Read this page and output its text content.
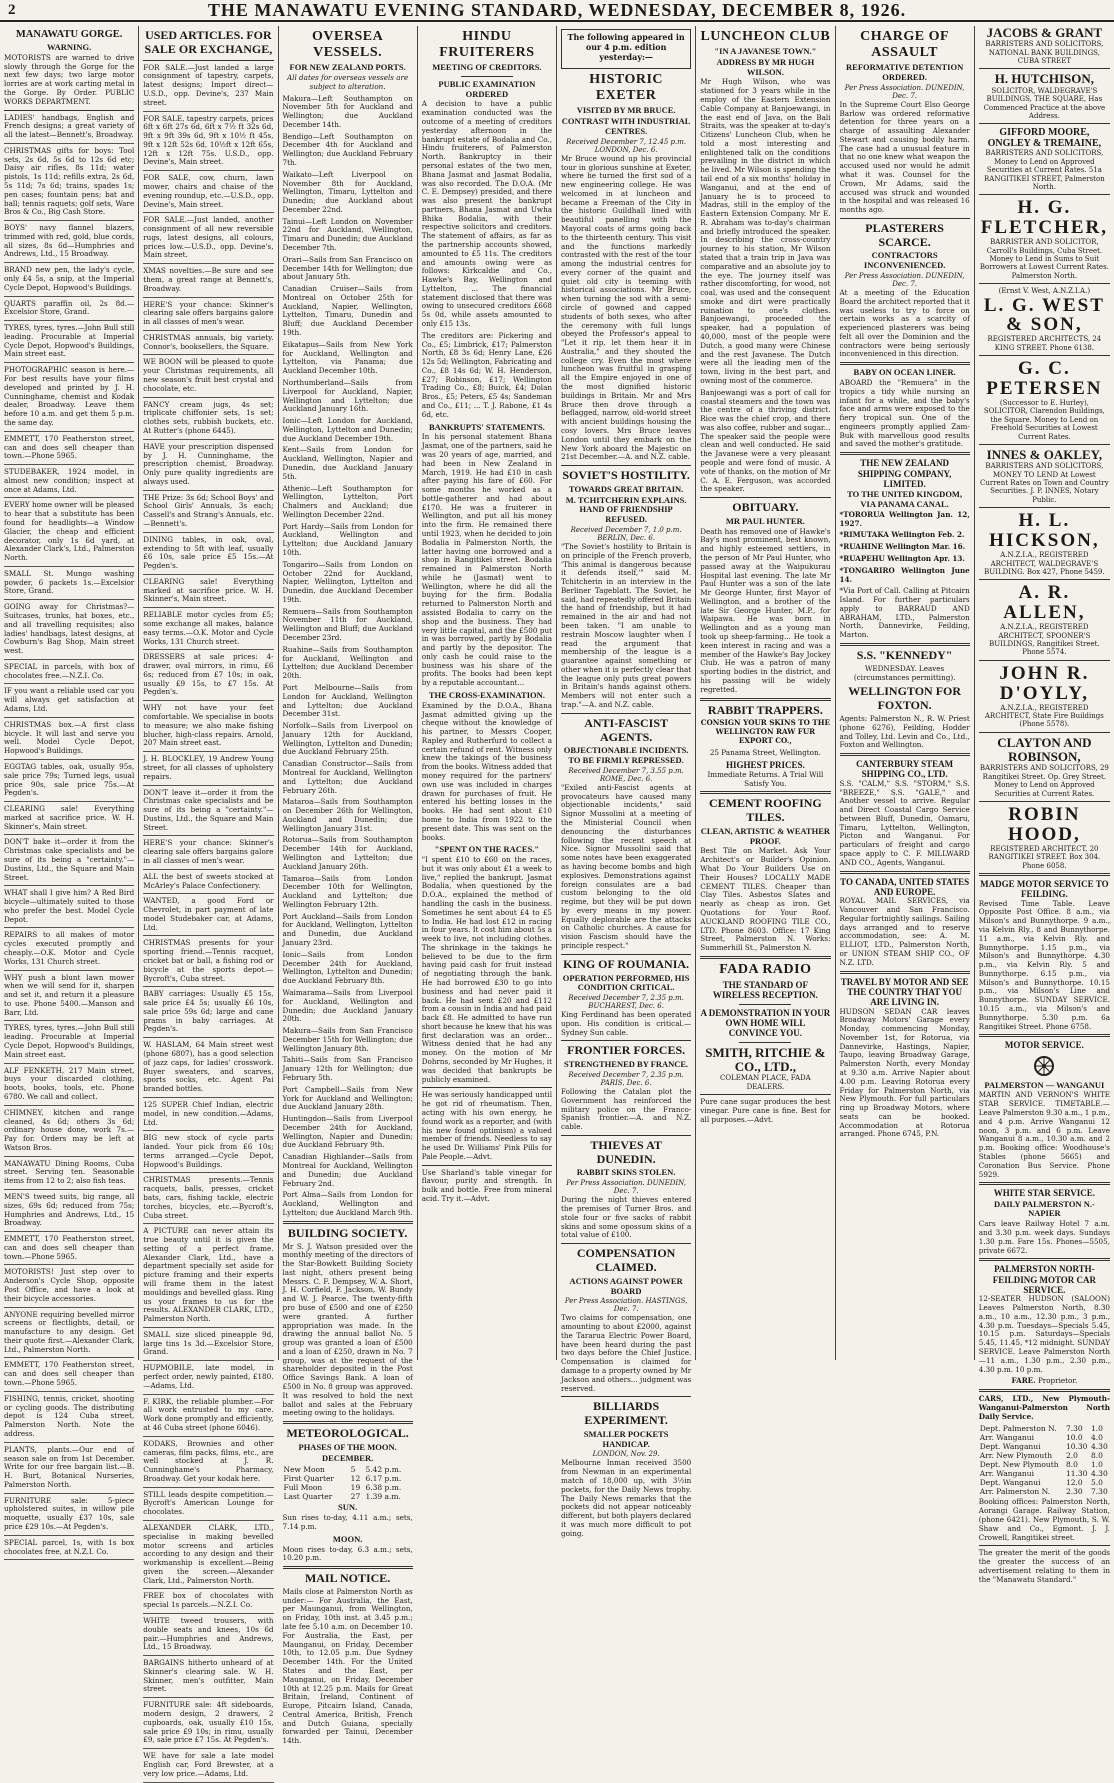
2	THE MANAWATU EVENING STANDARD, WEDNESDAY, DECEMBER 8, 1926.
MANAWATU GORGE.
WARNING.

MOTORISTS are warned to drive slowly through the Gorge for the next few days; two large motor lorries are at work carting metal in the Gorge. By Order. PUBLIC WORKS DEPARTMENT.

LADIES' handbags, English and French designs; a great variety of all the latest—Bennett's, Broadway.
CHRISTMAS gifts for boys: Tool sets, 2s 6d, 5s 6d to 12s 6d etc; Daisy air rifles, 8s 11d; water pistols, 1s 11d; refills extra, 2s 6d, 5s 11d; 7s 6d; trains, spades 1s; pen cases; fountain pens; bat and ball; tennis raquets; golf sets, Ware Bros & Co., Big Cash Store.
BOYS' navy flannel blazers, trimmed with red, gold, blue cords, all sizes, 8s 6d—Humphries and Andrews, Ltd., 15 Broadway.
BRAND new pen, the lady's cycle, only £4 5s, a snip, at the Imperial Cycle Depot, Hopwood's Buildings.
QUARTS paraffin oil, 2s 8d.—Excelsior Store, Grand.
TYRES, tyres, tyres.—John Bull still leading. Procurable at Imperial Cycle Depot, Hopwood's Buildings, Main street east.
PHOTOGRAPHIC season is here.—For best results have your films developed and printed by J. H. Cunninghame, chemist and Kodak dealer, Broadway. Leave them before 10 a.m. and get them 5 p.m. the same day.
EMMETT, 170 Featherston street, can and does sell cheaper than town.—Phone 5965.
STUDEBAKER, 1924 model, in almost new condition; inspect at once at Adams, Ltd.
EVERY home owner will be pleased to hear that a substitute has been found for headlights—a Window Glacier, the cheap and efficient decorator, only 1s 6d yard, at Alexander Clark's, Ltd., Palmerston North.
SMALL St. Mungo washing powder, 6 packets 1s.—Excelsior Store, Grand.
GOING away for Christmas?—Suitcases, trunks, hat boxes, etc., and all travelling requisites; also ladies' handbags, latest designs, at Cowburn's Bag Shop, Main street west.
SPECIAL in parcels, with box of chocolates free.—N.Z.I. Co.
IF you want a reliable used car you will always get satisfaction at Adams, Ltd.
CHRISTMAS box.—A first class bicycle. It will last and serve you well. Model Cycle Depot, Hopwood's Buildings.
EGGTAG tables, oak, usually 95s, sale price 79s; Turned legs, usual price 90s, sale price 75s.—At Pegden's.
CLEARING sale! Everything marked at sacrifice price. W. H. Skinner's, Main street.
DON'T bake it—order it from the Christmas cake specialists and be sure of its being a "certainty."—Dustins, Ltd., the Square and Main Street.
WHAT shall I give him? A Red Bird bicycle—ultimately suited to those who prefer the best. Model Cycle Depot.
REPAIRS to all makes of motor cycles executed promptly and cheaply.—O.K. Motor and Cycle Works, 131 Church street.
WHY push a blunt lawn mower when we will send for it, sharpen and set it, and return it a pleasure to use. Phone 5400.—Manson and Barr, Ltd.
TYRES, tyres, tyres.—John Bull still leading. Procurable at Imperial Cycle Depot, Hopwood's Buildings, Main street east.
ALF FENKETH, 217 Main street, buys your discarded clothing, boots, books, tools, etc. Phone 6780. We call and collect.
CHIMNEY, kitchen and range cleaned, 4s 6d; others 3s 6d; ordinary house done, work 7s.—Pay for. Orders may be left at Watson Bros.
MANAWATU Dining Rooms, Cuba street. Serving ten. Seasonable items from 12 to 2; also fish teas.
MEN'S tweed suits, big range, all sizes, 69s 6d; reduced from 75s; Humphries and Andrews, Ltd., 15 Broadway.
EMMETT, 170 Featherston street, can and does sell cheaper than town.—Phone 5965.
MOTORISTS! Just step over to Anderson's Cycle Shop, opposite Post Office, and have a look at their bicycle accessories.
ANYONE requiring bevelled mirror screens or flectlights, detail, or manufacture to any design. Get their quote first.—Alexander Clark, Ltd., Palmerston North.
EMMETT, 170 Featherston street, can and does sell cheaper than town.—Phone 5965.
FISHING, tennis, cricket, shooting or cycling goods. The distributing depot is 124 Cuba street, Palmerston North. Note the address.
PLANTS, plants.—Our end of season sale on from 1st December. Write for our free bargain list.—B. H. Burt, Botanical Nurseries, Palmerston North.
FURNITURE sale: 5-piece upholstered suites, in willow pile moquette, usually £37 10s, sale price £29 10s.—At Pegden's.
SPECIAL parcel, 1s, with 1s box chocolates free, at N.Z.I. Co.
USED ARTICLES. FOR SALE OR EXCHANGE,
FOR SALE.—Just landed a large consignment of tapestry, carpets, latest designs; Import direct—U.S.D., opp. Devine's, 237 Main street.
FOR SALE, tapestry carpets, prices 6ft x 6ft 27s 6d, 6ft x 7½ ft 32s 6d, 9ft x 9ft 39s 6d, 9ft x 10½ ft 45s, 9ft x 12ft 52s 6d, 10½ft x 12ft 65s, 12ft x 12ft 75s. U.S.D., opp. Devine's, Main street.
FOR SALE, cow, churn, lawn mower, chairs and chaise of the evening roundup, etc.—U.S.D., opp. Devine's, Main street.
FOR SALE.—Just landed, another consignment of all new reversible rugs, latest designs, all colours, prices low.—U.S.D., opp. Devine's, Main street.
XMAS novelties.—Be sure and see them, a great range at Bennett's, Broadway.
HERE'S your chance: Skinner's clearing sale offers bargains galore in all classes of men's wear.
CHRISTMAS annuals, big variety. Connor's, booksellers, the Square.
WE BOON will be pleased to quote your Christmas requirements, all new season's fruit best crystal and chocolate, etc.
FANCY cream jugs, 4s set; triplicate chiffonier sets, 1s set; clothes sets, rubbish buckets, etc. At Rutter's (phone 6445).
HAVE your prescription dispensed by J. H. Cunninghame, the prescription chemist, Broadway. Only pure quality ingredients are always used.
THE Prize: 3s 6d; School Boys' and School Girls' Annuals, 3s each; Cassell's and Strang's Annuals, etc.—Bennett's.
DINING tables, in oak, oval, extending to 5ft with leaf, usually £6 10s, sale price £5 15s.—At Pegden's.
CLEARING sale! Everything marked at sacrifice price. W. H. Skinner's, Main street.
RELIABLE motor cycles from £5; some exchange all makes, balance easy terms.—O.K. Motor and Cycle Works, 131 Church street.
DRESSERS at sale prices: 4-drawer, oval mirrors, in rimu, £6 6s; reduced from £7 10s; in oak, usually £9 15s, to £7 15s. At Pegden's.
WHY not have your feet comfortable. We specialise in boots to measure; we also make fishing blucher, high-class repairs. Arnold, 207 Main street east.
J. H. BLOCKLEY, 19 Andrew Young street, for all classes of upholstery repairs.
DON'T leave it—order it from the Christmas cake specialists and be sure of its being a "certainty."—Dustins, Ltd., the Square and Main Street.
HERE'S your chance: Skinner's clearing sale offers bargains galore in all classes of men's wear.
ALL the best of sweets stocked at McArley's Palace Confectionery.
WANTED, a good Ford or Chevrolet, in part payment of late model Studebaker car, at Adams, Ltd.
CHRISTMAS presents for your sporting friend.—Tennis racquet, cricket bat or ball, a fishing rod or bicycle at the sports depot.—Bycroft's, Cuba street.
BABY carriages: Usually £5 15s, sale price £4 5s; usually £6 10s, sale price 59s 6d; large and cane prams in baby carriages. At Pegden's.
W. HASLAM, 64 Main street west (phone 6807), has a good selection of jazz caps, for ladies' crosswork. Buyer sweaters, and scarves, sports socks, etc. Agent Pai branded bottles.
125 SUPER Chief Indian, electric model, in new condition.—Adams, Ltd.
BIG new stock of cycle parts landed. Your pick from £6 10s; terms arranged.—Cycle Depot, Hopwood's Buildings.
CHRISTMAS presents.—Tennis racquets, balls, presses, cricket bats, cars, fishing tackle, electric torches, bicycles, etc.—Bycroft's, Cuba street.
A PICTURE can never attain its true beauty until it is given the setting of a perfect frame. Alexander Clark, Ltd., have a department specially set aside for picture framing and their experts will frame them in the latest mouldings and bevelled glass. Ring us your frames to us for the results. ALEXANDER CLARK, LTD., Palmerston North.
SMALL size sliced pineapple 9d, large tins 1s 3d.—Excelsior Store, Grand.
HUPMOBILE, late model, in perfect order, newly painted, £180.—Adams, Ltd.
F. KIRK, the reliable plumber.—For all work entrusted to my care. Work done promptly and efficiently, at 46 Cuba street (phone 6046).
KODAKS, Brownies and other cameras, film packs, films, etc., are well stocked at J. R. Cunninghame's Pharmacy, Broadway. Get your kodak here.
STILL leads despite competition.—Bycroft's American Lounge for chocolates.
ALEXANDER CLARK, LTD., specialise in making bevelled motor screens and articles according to any design and their workmanship is excellent.—Being given the screen.—Alexander Clark, Ltd., Palmerston North.
FREE box of chocolates with special 1s parcels.—N.Z.I. Co.
WHITE tweed trousers, with double seats and knees, 10s 6d pair.—Humphries and Andrews, Ltd., 15 Broadway.
BARGAINS hitherto unheard of at Skinner's clearing sale. W. H. Skinner, men's outfitter, Main street.
FURNITURE sale: 4ft sideboards, modern design, 2 drawers, 2 cupboards, oak, usually £10 15s, sale price £9 10s; in rimu, usually £9, sale price £7 15s. At Pegden's.
WE have for sale a late model English car, Ford Brewster, at a very low price.—Adams, Ltd.
OVERSEA VESSELS.
FOR NEW ZEALAND PORTS.

All dates for overseas vessels are subject to alteration.

Makura—Left Southampton on November 5th for Auckland and Wellington; due Auckland December 14th.

Bendigo—Left Southampton on December 4th for Auckland and Wellington; due Auckland February 7th.

Waikato—Left Liverpool on November 8th for Auckland, Wellington, Timaru, Lyttelton and Dunedin; due Auckland about December 22nd.

Tainui—Left London on November 22nd for Auckland, Wellington, Timaru and Dunedin; due Auckland December 7th.

Orari—Sails from San Francisco on December 14th for Wellington; due about January 5th.

Canadian Cruiser—Sails from Montreal on October 25th for Auckland, Napier, Wellington, Lyttelton, Timaru, Dunedin and Bluff; due Auckland December 19th.

Eikatapus—Sails from New York for Auckland, Wellington and Lyttelton, via Panama; due Auckland December 10th.

Northumberland—Sails from Liverpool for Auckland, Napier, Wellington and Lyttelton; due Auckland January 16th.

Ionic—Left London for Auckland, Wellington, Lyttelton and Dunedin; due Auckland December 19th.

Kent—Sails from London for Auckland, Wellington, Napier and Dunedin, due Auckland January 5th.

Athenic—Left Southampton for Wellington, Lyttelton, Port Chalmers and Auckland; due Wellington December 22nd.

Port Hardy—Sails from London for Auckland, Wellington and Lyttelton; due Auckland January 10th.

Tongariro—Sails from London on October 22nd for Auckland, Napier, Wellington, Lyttelton and Dunedin, due Auckland December 19th.

Remuera—Sails from Southampton November 11th for Auckland, Wellington and Bluff; due Auckland December 23rd.

Ruahine—Sails from Southampton for Auckland, Wellington and Lyttelton; due Auckland December 20th.

Port Melbourne—Sails from London for Auckland, Wellington and Lyttelton; due Auckland December 31st.

Norfolk—Sails from Liverpool on January 12th for Auckland, Wellington, Lyttelton and Dunedin; due Auckland February 25th.

Canadian Constructor—Sails from Montreal for Auckland, Wellington and Lyttelton; due Auckland February 26th.

Mataroa—Sails from Southampton on December 26th for Wellington, Auckland and Dunedin; due Wellington January 31st.

Rotorua—Sails from Southampton December 14th for Auckland, Wellington and Lyttelton; due Auckland January 26th.

Tamaroa—Sails from London December 10th for Wellington, Auckland and Lyttelton; due Wellington February 12th.

Port Auckland—Sails from London for Auckland, Wellington, Lyttelton and Dunedin, due Auckland January 23rd.

Ionic—Sails from London December 24th for Auckland, Wellington, Lyttelton and Dunedin; due Auckland February 8th.

Waimarama—Sails from Liverpool for Auckland, Wellington and Dunedin; due Auckland January 20th.

Makura—Sails from San Francisco December 15th for Wellington; due Wellington January 8th.

Tahiti—Sails from San Francisco January 12th for Wellington; due February 5th.

Port Campbell—Sails from New York for Auckland and Wellington; due Auckland January 28th.

Huntingdon—Sails from Liverpool December 24th for Auckland, Wellington, Napier and Dunedin; due Auckland February 9th.

Canadian Highlander—Sails from Montreal for Auckland, Wellington and Dunedin; due Auckland February 2nd.

Port Alma—Sails from London for Auckland, Wellington and Lyttelton; due Auckland March 9th.

BUILDING SOCIETY.

Mr S. J. Watson presided over the monthly meeting of the directors of the Star-Bowkett Building Society last night, others present being Messrs. C. F. Dempsey, W. A. Short, J. H. Corfield, F. Jackson, W. Bundy and W. J. Pearce. The twenty-fifth pro buse of £500 and one of £250 were granted. A further appropriation was made. In the drawing the annual ballot No. 5 group was granted a loan of £500 and a loan of £250, drawn in No. 7 group, was at the request of the shareholder deposited in the Post Office Savings Bank. A loan of £500 in No. 8 group was approved. It was resolved to hold the next ballot and sales at the February meeting owing to the holidays.

METEOROLOGICAL.
PHASES OF THE MOON.
DECEMBER.
New Moon	5	5.42 p.m.
First Quarter	12	6.17 p.m.
Full Moon	19	6.38 p.m.
Last Quarter	27	1.39 a.m.
SUN.

Sun rises to-day, 4.11 a.m.; sets, 7.14 p.m.

MOON.

Moon rises to-day, 6.3 a.m.; sets, 10.20 p.m.

MAIL NOTICE.

Mails close at Palmerston North as under:— For Australia, the East, per Maunganui, from Wellington, on Friday, 10th inst. at 3.45 p.m.; late fee 5.10 a.m. on December 10. For Australia, the East, per Maunganui, on Friday, December 10th, to 12.05 p.m. Due Sydney December 14th. For the United States and the East, per Maunganui, on Friday, December 10th at 12.25 p.m. Mails for Great Britain, Ireland, Continent of Europe, Pitcairn Island, Canada, Central America, British, French and Dutch Guiana, specially forwarded per Tainui, December 14th.

HINDU FRUITERERS
MEETING OF CREDITORS.
PUBLIC EXAMINATION ORDERED

A decision to have a public examination conducted was the outcome of a meeting of creditors yesterday afternoon in the bankrupt estate of Bodalia and Co., Hindu fruiterers, of Palmerston North. Bankruptcy in their personal estates of the two men, Bhana Jasmat and Jasmat Bodalia, was also recorded. The D.O.A. (Mr C. E. Dempsey) presided, and there was also present the bankrupt partners, Bhana Jasmat and Uwha Bhika Bodalia, with their respective solicitors and creditors. The statement of affairs, as far as the partnership accounts showed, amounted to £5 11s. The creditors and amounts owing were as follows: Kirkcaldie and Co., Hawke's Bay, Wellington and Lyttelton, ... The financial statement disclosed that there was owing to unsecured creditors £668 5s 0d, while assets amounted to only £15 13s.

The creditors are: Pickering and Co., £5; Limbrick, £17; Palmerston North, £8 3s 6d; Henry Lane, £26 12s 5d; Wellington, Fabricating and Co., £8 14s 6d; W. H. Henderson, £27; Robinson, £17; Wellington Trading Co., £8; Buick, £4; Dolan Bros., £5; Peters, £5 4s; Sandeman and Co., £11; ... T. J. Rabone, £1 4s 6d, etc.

BANKRUPTS' STATEMENTS.

In his personal statement Bhana Jasmat, one of the partners, said he was 20 years of age, married, and had been in New Zealand in March, 1919. He had £10 in cash after paying his fare of £60. For some months he worked as a bottle-gatherer and had about £170. He was a fruiterer in Wellington, and put all his money into the firm. He remained there until 1923, when he decided to join Bodalia in Palmerston North, the latter having one borrowed and a shop in Rangitikei street. Bodalia remained in Palmerston North while he (Jasmat) went to Wellington, where he did all the buying for the firm. Bodalia returned to Palmerston North and assisted Bodalia to carry on the shop and the business. They had very little capital, and the £500 put in was borrowed, partly by Bodalia and partly by the depositor. The only cash he could raise to the business was his share of the profits. The books had been kept by a reputable accountant...

THE CROSS-EXAMINATION.

Examined by the D.O.A., Bhana Jasmat admitted giving up the cheque without the knowledge of his partner, to Messrs Cooper, Rapley and Rutherfurd to collect a certain refund of rent. Witness only knew the takings of the business from the books. Witness added that money required for the partners' own use was included in charges drawn for purchases of fruit. He entered his betting losses in the books. He had sent about £10 home to India from 1922 to the present date. This was sent on the books.

"SPENT ON THE RACES."

"I spent £10 to £60 on the races, but it was only about £1 a week to live," replied the bankrupt. Jasmat Bodalia, when questioned by the D.O.A., explained the method of handling the cash in the business. Sometimes he sent about £4 to £5 to India. He had lost £12 in racing in four years. It cost him about 5s a week to live, not including clothes. The shrinkage in the takings he believed to be due to the firm having paid cash for fruit instead of negotiating through the bank. He had borrowed £30 to go into business and had never paid it back. He had sent £20 and £112 from a cousin in India and had paid back £8. He admitted to have run short because he knew that his was first declaration was an order... Witness denied that he had any money. On the motion of Mr Dohrns, seconded by Mr Hughes, it was decided that bankrupts be publicly examined.

He was seriously handicapped until he got rid of rheumatism. Then, acting with his own energy, he found work as a reporter, and (with his new found optimism) a valued member of friends. Needless to say he used Dr. Williams' Pink Pills for Pale People.—Advt.

Use Sharland's table vinegar for flavour, purity and strength. In bulk and bottle. Free from mineral acid. Try it.—Advt.

The following appeared in our 4 p.m. edition yesterday:—

HISTORIC EXETER
VISITED BY MR BRUCE.
CONTRAST WITH INDUSTRIAL CENTRES.
Received December 7, 12.45 p.m. LONDON, Dec. 6.

Mr Bruce wound up his provincial tour in glorious sunshine at Exeter, where he turned the first sod of a new engineering college. He was welcomed in at luncheon and became a Freeman of the City in the historic Guildhall lined with beautiful panelling with the Mayoral coats of arms going back to the thirteenth century. This visit and the functions markedly contrasted with the rest of the tour among the industrial centres for every corner of the quaint and quiet old city is teeming with historical associations. Mr Bruce, when turning the sod with a semi-circle of gowned and capped students of both sexes, who after the ceremony with full lungs obeyed the Professor's appeal to "Let it rip, let them hear it in Australia," and they shouted the college cry. Even the most where luncheon was fruitful in grasping all the Empire enjoyed in one of the most dignified historic buildings in Britain. Mr and Mrs Bruce then drove through a beflagged, narrow, old-world street with ancient buildings housing the cosy lovers. Mrs Bruce leaves London until they embark on the New York aboard the Majestic on 21st December.—A. and N.Z. cable.

SOVIET'S HOSTILITY.
TOWARDS GREAT BRITAIN.
M. TCHITCHERIN EXPLAINS. HAND OF FRIENDSHIP REFUSED.
Received December 7, 1.0 p.m. BERLIN, Dec. 6.

"The Soviet's hostility to Britain is on principle of the French proverb, 'This animal is dangerous because it defends itself,'" said M. Tchitcherin in an interview in the Berliner Tageblatt. The Soviet, he said, had repeatedly offered Britain the hand of friendship, but it had remained in the air and had not been taken. "I am unable to restrain Moscow laughter when I read the argument that membership of the league is a guarantee against something or other when it is perfectly clear that the league only puts great powers in Britain's hands against others. Members will not enter such a trap."—A. and N.Z. cable.

ANTI-FASCIST AGENTS.
OBJECTIONABLE INCIDENTS. TO BE FIRMLY REPRESSED.
Received December 7, 3.55 p.m. ROME, Dec. 6.

"Exiled anti-Fascist agents at provocateurs have caused many objectionable incidents," said Signor Mussolini at a meeting of the Ministerial Council when denouncing the disturbances following the recent speech at Nice. Signor Mussolini said that some notes have been exaggerated as having become bombs and high explosives. Demonstrations against foreign consulates are a bad custom belonging to the old regime, but they will be put down by every means in my power. Equally deplorable are the attacks on Catholic churches. A cause for vision Fascism should have the principle respect."

KING OF ROUMANIA.
OPERATION PERFORMED, HIS CONDITION CRITICAL.
Received December 7, 2.35 p.m. BUCHAREST, Dec. 6.

King Ferdinand has been operated upon. His condition is critical.—Sydney Sun cable.

FRONTIER FORCES.
STRENGTHENED BY FRANCE.
Received December 7, 2.35 p.m. PARIS, Dec. 6.

Following the Catalan plot the Government has reinforced the military police on the Franco-Spanish frontier.—A. and N.Z. cable.

THIEVES AT DUNEDIN.
RABBIT SKINS STOLEN.
Per Press Association. DUNEDIN, Dec. 7.

During the night thieves entered the premises of Turner Bros. and stole four or five sacks of rabbit skins and some opossum skins of a total value of £100.

COMPENSATION CLAIMED.
ACTIONS AGAINST POWER BOARD
Per Press Association. HASTINGS, Dec. 7.

Two claims for compensation, one amounting to about £2000, against the Tararua Electric Power Board, have been heard during the past two days before the Chief Justice. Compensation is claimed for damage to a property owned by Mr Jackson and others... judgment was reserved.

BILLIARDS EXPERIMENT.
SMALLER POCKETS HANDICAP.
LONDON, Nov. 29.

Melbourne Inman received 3500 from Newman in an experimental match of 18,000 up, with 3½in pockets, for the Daily News trophy. The Daily News remarks that the pockets did not appear noticeably different, but both players declared it was much more difficult to pot going.

LUNCHEON CLUB
"IN A JAVANESE TOWN."
ADDRESS BY MR HUGH WILSON.

Mr Hugh Wilson, who was stationed for 3 years while in the employ of the Eastern Extension Cable Company at Banjoewangi, in the east end of Java, on the Bali Straits, was the speaker at to-day's Citizens' Luncheon Club, when he told a most interesting and enlightened talk on the conditions prevailing in the district in which he lived. Mr Wilson is spending the tail end of a six months' holiday in Wanganui, and at the end of January he is to proceed to Madras, still in the employ of the Eastern Extension Company. Mr E. R. Abraham was to-day's chairman and briefly introduced the speaker. In describing the cross-country journey to his station, Mr Wilson stated that a train trip in Java was comparative and an absolute joy to the eye. The journey itself was rather discomforting, for wood, not coal, was used and the consequent smoke and dirt were practically ruination to one's clothes. Banjoewangi, proceeded the speaker, had a population of 40,000, most of the people were Dutch, a good many were Chinese and the rest Javanese. The Dutch were all the leading men of the town, living in the best part, and owning most of the commerce.

Banjoewangi was a port of call for coastal steamers and the town was the centre of a thriving district. Rice was the chief crop, and there was also coffee, rubber and sugar... The speaker said the people were clean and well conducted. He said the Javanese were a very pleasant people and were fond of music. A vote of thanks, on the motion of Mr C. A. E. Ferguson, was accorded the speaker.

OBITUARY.
MR PAUL HUNTER.

Death has removed one of Hawke's Bay's most prominent, best known, and highly esteemed settlers, in the person of Mr Paul Hunter, who passed away at the Waipukurau Hospital last evening. The late Mr Paul Hunter was a son of the late Mr George Hunter, first Mayor of Wellington, and a brother of the late Sir George Hunter, M.P., for Waipawa. He was born in Wellington and as a young man took up sheep-farming... He took a keen interest in racing and was a member of the Hawke's Bay Jockey Club. He was a patron of many sporting bodies in the district, and his passing will be widely regretted.

RABBIT TRAPPERS.

CONSIGN YOUR SKINS TO THE WELLINGTON RAW FUR EXPORT CO.,

25 Panama Street, Wellington.

HIGHEST PRICES.

Immediate Returns. A Trial Will Satisfy You.

CEMENT ROOFING TILES.
CLEAN, ARTISTIC & WEATHER PROOF.

Best Tile on Market. Ask Your Architect's or Builder's Opinion. What Do Your Builders Use on Their Houses? LOCALLY MADE CEMENT TILES. Cheaper than Clay Tiles. Asbestos Slates and nearly as cheap as iron. Get Quotations for Your Roof. AUCKLAND ROOFING TILE CO., LTD. Phone 8603. Office: 17 King Street, Palmerston N. Works: Summerhill St., Palmerston N.

FADA RADIO
THE STANDARD OF WIRELESS RECEPTION.
A DEMONSTRATION IN YOUR OWN HOME WILL CONVINCE YOU.
SMITH, RITCHIE & CO., LTD.,
COLEMAN PLACE, FADA DEALERS.

Pure cane sugar produces the best vinegar. Pure cane is fine. Best for all purposes.—Advt.

CHARGE OF ASSAULT
REFORMATIVE DETENTION ORDERED.
Per Press Association. DUNEDIN, Dec. 7.

In the Supreme Court Elso George Barlow was ordered reformative detention for three years on a charge of assaulting Alexander Stewart and causing bodily harm. The case had a unusual feature in that no one knew what weapon the accused used nor would he admit what it was. Counsel for the Crown, Mr Adams, said the accused was struck and wounded in the hospital and was released 16 months ago.

PLASTERERS SCARCE.
CONTRACTORS INCONVENIENCED.
Per Press Association. DUNEDIN, Dec. 7.

At a meeting of the Education Board the architect reported that it was useless to try to force on certain works as a scarcity of experienced plasterers was being felt all over the Dominion and the contractors were being seriously inconvenienced in this direction.

BABY ON OCEAN LINER.

ABOARD the "Remuera" in the tropics a tidy while nursing an infant for a while, and the baby's face and arms were exposed to the fiery tropical sun. One of the engineers promptly applied Zam-Buk with marvellous good results and saved the mother's gratitude.

THE NEW ZEALAND SHIPPING COMPANY, LIMITED.
TO THE UNITED KINGDOM, VIA PANAMA CANAL.

*TORORUA Wellington Jan. 12, 1927.

*RIMUTAKA Wellington Feb. 2.

*RUAHINE Wellington Mar. 16.

*RUAPEHU Wellington Apr. 13.

*TONGARIRO Wellington June 14.

*Via Port of Call. Calling at Pitcairn Island. For further particulars apply to BARRAUD AND ABRAHAM, LTD., Palmerston North, Dannevirke, Feilding, Marton.

S.S. "KENNEDY"

WEDNESDAY. Leaves (circumstances permitting).

WELLINGTON FOR FOXTON.

Agents: Palmerston N., R. W. Priest (phone 6276), Feilding, Hodder and Tolley, Ltd. Levin and Co., Ltd., Foxton and Wellington.

CANTERBURY STEAM SHIPPING CO., LTD.

S.S. "CALM," S.S. "STORM," S.S. "BREEZE," S.S. "GALE," and Another vessel to arrive. Regular and Direct Coastal Cargo Service between Bluff, Dunedin, Oamaru, Timaru, Lyttelton, Wellington, Picton and Wanganui. For particulars of freight and cargo space apply to C. F. MILLWARD AND CO., Agents, Wanganui.

TO CANADA, UNITED STATES AND EUROPE.

ROYAL MAIL SERVICES, via Vancouver and San Francisco. Regular fortnightly sailings. Sailing days arranged and to reserve accommodation, see: A. M. ELLIOT, LTD., Palmerston North, or UNION STEAM SHIP CO., OF N.Z. LTD.

TRAVEL BY MOTOR AND SEE THE COUNTRY THAT YOU ARE LIVING IN.

HUDSON SEDAN CAR leaves Broadway Motors' Garage every Monday, commencing Monday, November 1st, for Rotorua, via Dannevirke, Hastings, Napier, Taupo, leaving Broadway Garage, Palmerston North, every Monday at 9.30 a.m. Arrive Napier about 4.00 p.m. Leaving Rotorua every Friday for Palmerston North, via New Plymouth. For full particulars ring up Broadway Motors, where seats can be booked. Accommodation at Rotorua arranged. Phone 6745, P.N.

JACOBS & GRANT
BARRISTERS AND SOLICITORS, NATIONAL BANK BUILDINGS, CUBA STREET
H. HUTCHISON,
SOLICITOR, WALDEGRAVE'S BUILDINGS, THE SQUARE, Has Commenced Practice at the above Address.
GIFFORD MOORE, ONGLEY & TREMAINE,
BARRISTERS AND SOLICITORS, Money to Lend on Approved Securities at Current Rates. 51a RANGITIKEI STREET, Palmerston North.
H. G. FLETCHER,
BARRISTER AND SOLICITOR, Carroll's Buildings, Cuba Street. Money to Lend in Sums to Suit Borrowers at Lowest Current Rates. Palmerston North.
(Ernst V. West, A.N.Z.I.A.)
L. G. WEST & SON,
REGISTERED ARCHITECTS, 24 KING STREET. Phone 6138.
G. C. PETERSEN
(Successor to E. Hurley), SOLICITOR, Clarendon Buildings, the Square. Money to Lend on Freehold Securities at Lowest Current Rates.
INNES & OAKLEY,
BARRISTERS AND SOLICITORS, MONEY TO LEND At Lowest Current Rates on Town and Country Securities. J. P. INNES, Notary Public.
H. L. HICKSON,
A.N.Z.I.A., REGISTERED ARCHITECT, WALDEGRAVE'S BUILDING. Box 427, Phone 5459.
A. R. ALLEN,
A.N.Z.I.A., REGISTERED ARCHITECT, SPOONER'S BUILDINGS, Rangitikei Street. Phone 5574.
JOHN R. D'OYLY,
A.N.Z.I.A., REGISTERED ARCHITECT, State Fire Buildings (Phone 5578).
CLAYTON AND ROBINSON,
BARRISTERS AND SOLICITORS, 29 Rangitikei Street. Op. Grey Street. Money to Lend on Approved Securities at Current Rates.
ROBIN HOOD,
REGISTERED ARCHITECT, 20 RANGITIKEI STREET. Box 304. Phone 6058.
MADGE MOTOR SERVICE TO FEILDING.

Revised Time Table. Leave Opposite Post Office. 8 a.m., via Milson's and Bunnythorpe. 9 a.m., via Kelvin Rly., 8 and Bunnythorpe. 11 a.m., via Kelvin Rly. and Bunnythorpe. 1.15 p.m., via Milson's and Bunnythorpe. 4.30 p.m., via Kelvin Rly. 5 and Bunnythorpe. 6.15 p.m., via Milson's and Bunnythorpe. 10.15 p.m., via Milson's Line and Bunnythorpe. SUNDAY SERVICE. 10.15 a.m., via Milson's and Bunnythorpe. 5.30 p.m. 6a Rangitikei Street. Phone 6758.

MOTOR SERVICE.
PALMERSTON — WANGANUI

MARTIN AND VERNON'S WHITE STAR SERVICE. TIMETABLE.—Leave Palmerston 9.30 a.m., 1 p.m., and 4 p.m. Arrive Wanganui 12 noon, 3 p.m. and 6 p.m. Leave Wanganui 8 a.m., 10.30 a.m. and 2 p.m. Booking office: Woodhouse's Stables (phone 5665) and Coronation Bus Service. Phone 5929.

WHITE STAR SERVICE.
DAILY PALMERSTON N.-NAPIER

Cars leave Railway Hotel 7 a.m. and 3.30 p.m. week days. Sundays 1.30 p.m. Fare 15s. Phones—5505, private 6672.

PALMERSTON NORTH-FEILDING MOTOR CAR SERVICE.

12-SEATER HUDSON (SALOON) Leaves Palmerston North, 8.30 a.m., 10 a.m., 12.30 p.m., 3 p.m., 4.30 p.m. Tuesdays—Specials 5.45, 10.15 p.m. Saturdays—Specials 5.45, 11.45, *12 midnight. SUNDAY SERVICE. Leave Palmerston North—11 a.m., 1.30 p.m., 2.30 p.m., 4.30 p.m. 10 p.m.

FARE. Proprietor.

CARS, LTD., New Plymouth-Wanganui-Palmerston North Daily Service.

Dept. Palmerston N.	7.30	1.0
Arr. Wanganui	10.0	4.0
Dept. Wanganui	10.30	4.30
Arr. New Plymouth	2.0	8.0
Dept. New Plymouth	8.0	1.0
Arr. Wanganui	11.30	4.30
Dept. Wanganui	12.0	5.0
Arr. Palmerston N.	2.30	7.30

Booking offices: Palmerston North, Aorangi Garage. Railway Station, (phone 6421). New Plymouth, S. W. Shaw and Co., Egmont. J. J. Crowell, Rangitikei street.

The greater the merit of the goods the greater the success of an advertisement relating to them in the "Manawatu Standard."
